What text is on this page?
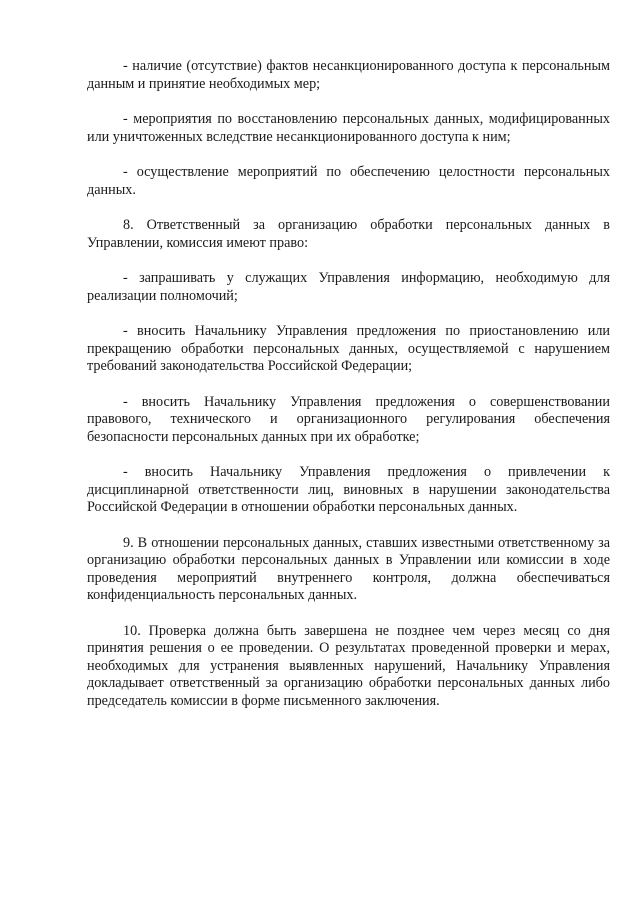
- наличие (отсутствие) фактов несанкционированного доступа к персональным данным и принятие необходимых мер;

- мероприятия по восстановлению персональных данных, модифицированных или уничтоженных вследствие несанкционированного доступа к ним;

- осуществление мероприятий по обеспечению целостности персональных данных.

8. Ответственный за организацию обработки персональных данных в Управлении, комиссия имеют право:

- запрашивать у служащих Управления информацию, необходимую для реализации полномочий;

- вносить Начальнику Управления предложения по приостановлению или прекращению обработки персональных данных, осуществляемой с нарушением требований законодательства Российской Федерации;

- вносить Начальнику Управления предложения о совершенствовании правового, технического и организационного регулирования обеспечения безопасности персональных данных при их обработке;

- вносить Начальнику Управления предложения о привлечении к дисциплинарной ответственности лиц, виновных в нарушении законодательства Российской Федерации в отношении обработки персональных данных.

9. В отношении персональных данных, ставших известными ответственному за организацию обработки персональных данных в Управлении или комиссии в ходе проведения мероприятий внутреннего контроля, должна обеспечиваться конфиденциальность персональных данных.

10. Проверка должна быть завершена не позднее чем через месяц со дня принятия решения о ее проведении. О результатах проведенной проверки и мерах, необходимых для устранения выявленных нарушений, Начальнику Управления докладывает ответственный за организацию обработки персональных данных либо председатель комиссии в форме письменного заключения.
